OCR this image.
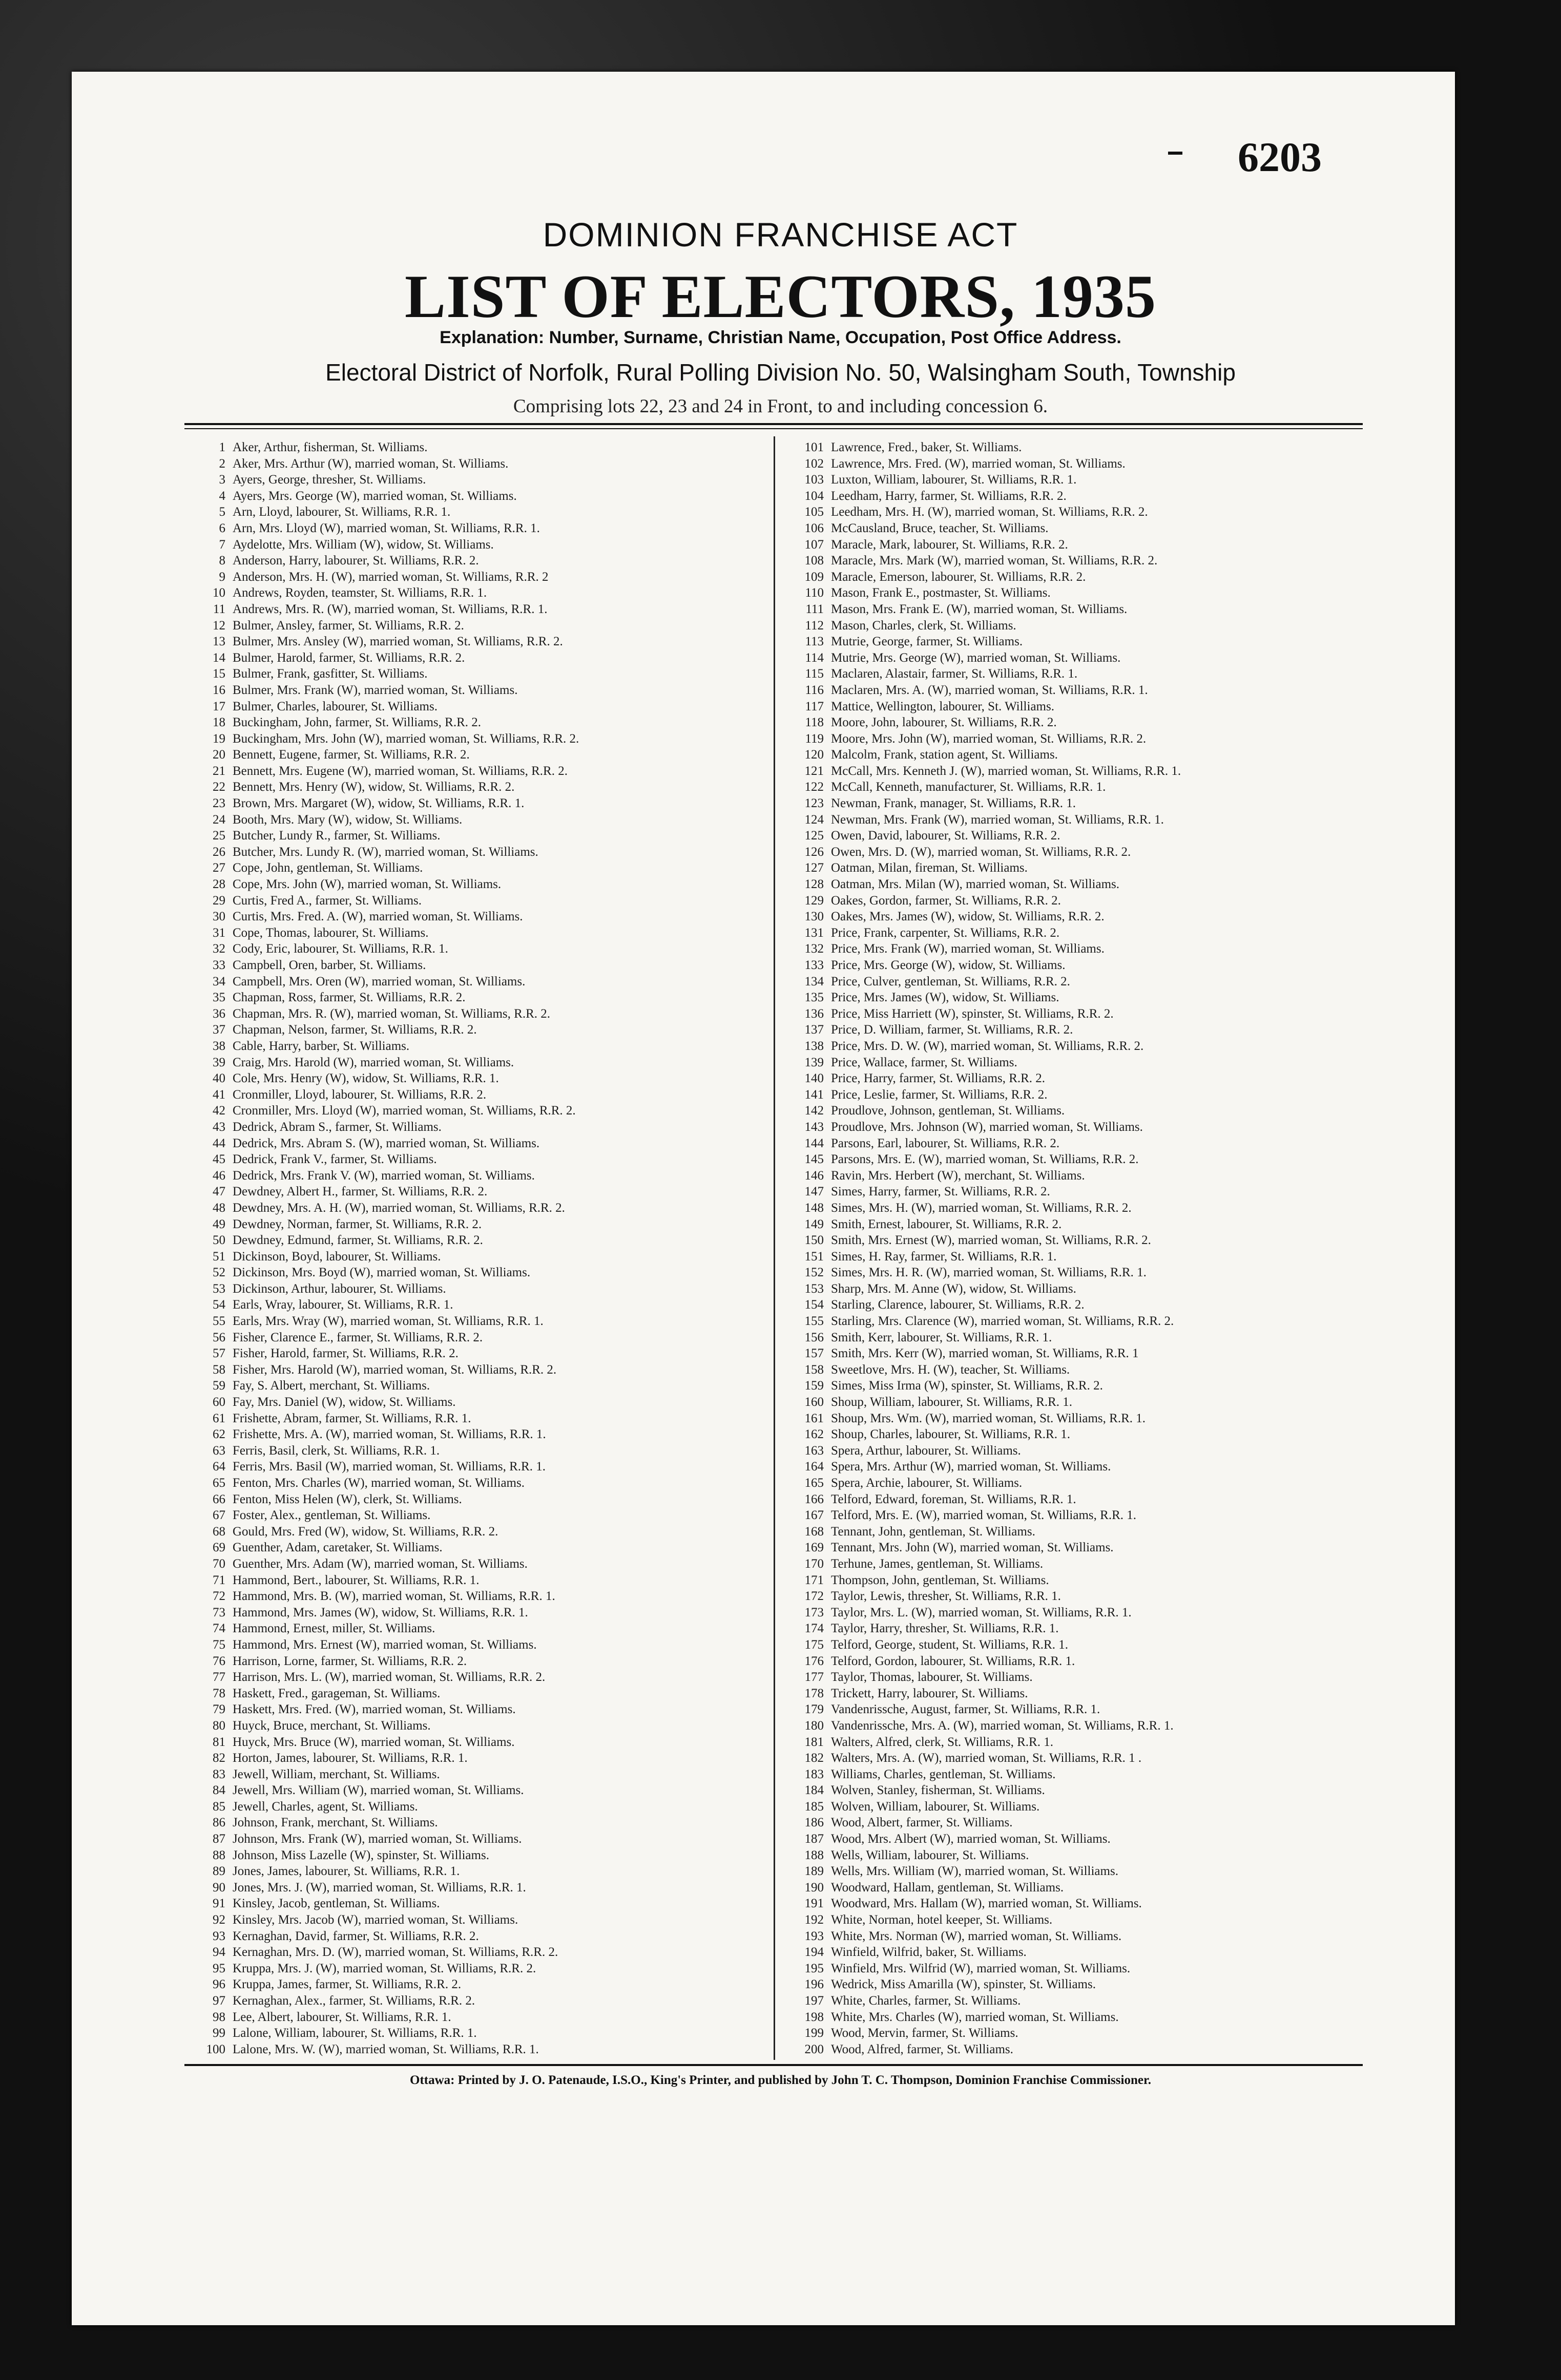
6203
DOMINION FRANCHISE ACT
LIST OF ELECTORS, 1935
Explanation: Number, Surname, Christian Name, Occupation, Post Office Address.
Electoral District of Norfolk, Rural Polling Division No. 50, Walsingham South, Township
Comprising lots 22, 23 and 24 in Front, to and including concession 6.
1 Aker, Arthur, fisherman, St. Williams.
2 Aker, Mrs. Arthur (W), married woman, St. Williams.
3 Ayers, George, thresher, St. Williams.
4 Ayers, Mrs. George (W), married woman, St. Williams.
5 Arn, Lloyd, labourer, St. Williams, R.R. 1.
6 Arn, Mrs. Lloyd (W), married woman, St. Williams, R.R. 1.
7 Aydelotte, Mrs. William (W), widow, St. Williams.
8 Anderson, Harry, labourer, St. Williams, R.R. 2.
9 Anderson, Mrs. H. (W), married woman, St. Williams, R.R. 2
10 Andrews, Royden, teamster, St. Williams, R.R. 1.
11 Andrews, Mrs. R. (W), married woman, St. Williams, R.R. 1.
12 Bulmer, Ansley, farmer, St. Williams, R.R. 2.
13 Bulmer, Mrs. Ansley (W), married woman, St. Williams, R.R. 2.
14 Bulmer, Harold, farmer, St. Williams, R.R. 2.
15 Bulmer, Frank, gasfitter, St. Williams.
16 Bulmer, Mrs. Frank (W), married woman, St. Williams.
17 Bulmer, Charles, labourer, St. Williams.
18 Buckingham, John, farmer, St. Williams, R.R. 2.
19 Buckingham, Mrs. John (W), married woman, St. Williams, R.R. 2.
20 Bennett, Eugene, farmer, St. Williams, R.R. 2.
21 Bennett, Mrs. Eugene (W), married woman, St. Williams, R.R. 2.
22 Bennett, Mrs. Henry (W), widow, St. Williams, R.R. 2.
23 Brown, Mrs. Margaret (W), widow, St. Williams, R.R. 1.
24 Booth, Mrs. Mary (W), widow, St. Williams.
25 Butcher, Lundy R., farmer, St. Williams.
26 Butcher, Mrs. Lundy R. (W), married woman, St. Williams.
27 Cope, John, gentleman, St. Williams.
28 Cope, Mrs. John (W), married woman, St. Williams.
29 Curtis, Fred A., farmer, St. Williams.
30 Curtis, Mrs. Fred. A. (W), married woman, St. Williams.
31 Cope, Thomas, labourer, St. Williams.
32 Cody, Eric, labourer, St. Williams, R.R. 1.
33 Campbell, Oren, barber, St. Williams.
34 Campbell, Mrs. Oren (W), married woman, St. Williams.
35 Chapman, Ross, farmer, St. Williams, R.R. 2.
36 Chapman, Mrs. R. (W), married woman, St. Williams, R.R. 2.
37 Chapman, Nelson, farmer, St. Williams, R.R. 2.
38 Cable, Harry, barber, St. Williams.
39 Craig, Mrs. Harold (W), married woman, St. Williams.
40 Cole, Mrs. Henry (W), widow, St. Williams, R.R. 1.
41 Cronmiller, Lloyd, labourer, St. Williams, R.R. 2.
42 Cronmiller, Mrs. Lloyd (W), married woman, St. Williams, R.R. 2.
43 Dedrick, Abram S., farmer, St. Williams.
44 Dedrick, Mrs. Abram S. (W), married woman, St. Williams.
45 Dedrick, Frank V., farmer, St. Williams.
46 Dedrick, Mrs. Frank V. (W), married woman, St. Williams.
47 Dewdney, Albert H., farmer, St. Williams, R.R. 2.
48 Dewdney, Mrs. A. H. (W), married woman, St. Williams, R.R. 2.
49 Dewdney, Norman, farmer, St. Williams, R.R. 2.
50 Dewdney, Edmund, farmer, St. Williams, R.R. 2.
51 Dickinson, Boyd, labourer, St. Williams.
52 Dickinson, Mrs. Boyd (W), married woman, St. Williams.
53 Dickinson, Arthur, labourer, St. Williams.
54 Earls, Wray, labourer, St. Williams, R.R. 1.
55 Earls, Mrs. Wray (W), married woman, St. Williams, R.R. 1.
56 Fisher, Clarence E., farmer, St. Williams, R.R. 2.
57 Fisher, Harold, farmer, St. Williams, R.R. 2.
58 Fisher, Mrs. Harold (W), married woman, St. Williams, R.R. 2.
59 Fay, S. Albert, merchant, St. Williams.
60 Fay, Mrs. Daniel (W), widow, St. Williams.
61 Frishette, Abram, farmer, St. Williams, R.R. 1.
62 Frishette, Mrs. A. (W), married woman, St. Williams, R.R. 1.
63 Ferris, Basil, clerk, St. Williams, R.R. 1.
64 Ferris, Mrs. Basil (W), married woman, St. Williams, R.R. 1.
65 Fenton, Mrs. Charles (W), married woman, St. Williams.
66 Fenton, Miss Helen (W), clerk, St. Williams.
67 Foster, Alex., gentleman, St. Williams.
68 Gould, Mrs. Fred (W), widow, St. Williams, R.R. 2.
69 Guenther, Adam, caretaker, St. Williams.
70 Guenther, Mrs. Adam (W), married woman, St. Williams.
71 Hammond, Bert., labourer, St. Williams, R.R. 1.
72 Hammond, Mrs. B. (W), married woman, St. Williams, R.R. 1.
73 Hammond, Mrs. James (W), widow, St. Williams, R.R. 1.
74 Hammond, Ernest, miller, St. Williams.
75 Hammond, Mrs. Ernest (W), married woman, St. Williams.
76 Harrison, Lorne, farmer, St. Williams, R.R. 2.
77 Harrison, Mrs. L. (W), married woman, St. Williams, R.R. 2.
78 Haskett, Fred., garageman, St. Williams.
79 Haskett, Mrs. Fred. (W), married woman, St. Williams.
80 Huyck, Bruce, merchant, St. Williams.
81 Huyck, Mrs. Bruce (W), married woman, St. Williams.
82 Horton, James, labourer, St. Williams, R.R. 1.
83 Jewell, William, merchant, St. Williams.
84 Jewell, Mrs. William (W), married woman, St. Williams.
85 Jewell, Charles, agent, St. Williams.
86 Johnson, Frank, merchant, St. Williams.
87 Johnson, Mrs. Frank (W), married woman, St. Williams.
88 Johnson, Miss Lazelle (W), spinster, St. Williams.
89 Jones, James, labourer, St. Williams, R.R. 1.
90 Jones, Mrs. J. (W), married woman, St. Williams, R.R. 1.
91 Kinsley, Jacob, gentleman, St. Williams.
92 Kinsley, Mrs. Jacob (W), married woman, St. Williams.
93 Kernaghan, David, farmer, St. Williams, R.R. 2.
94 Kernaghan, Mrs. D. (W), married woman, St. Williams, R.R. 2.
95 Kruppa, Mrs. J. (W), married woman, St. Williams, R.R. 2.
96 Kruppa, James, farmer, St. Williams, R.R. 2.
97 Kernaghan, Alex., farmer, St. Williams, R.R. 2.
98 Lee, Albert, labourer, St. Williams, R.R. 1.
99 Lalone, William, labourer, St. Williams, R.R. 1.
100 Lalone, Mrs. W. (W), married woman, St. Williams, R.R. 1.
101 Lawrence, Fred., baker, St. Williams.
102 Lawrence, Mrs. Fred. (W), married woman, St. Williams.
103 Luxton, William, labourer, St. Williams, R.R. 1.
104 Leedham, Harry, farmer, St. Williams, R.R. 2.
105 Leedham, Mrs. H. (W), married woman, St. Williams, R.R. 2.
106 McCausland, Bruce, teacher, St. Williams.
107 Maracle, Mark, labourer, St. Williams, R.R. 2.
108 Maracle, Mrs. Mark (W), married woman, St. Williams, R.R. 2.
109 Maracle, Emerson, labourer, St. Williams, R.R. 2.
110 Mason, Frank E., postmaster, St. Williams.
111 Mason, Mrs. Frank E. (W), married woman, St. Williams.
112 Mason, Charles, clerk, St. Williams.
113 Mutrie, George, farmer, St. Williams.
114 Mutrie, Mrs. George (W), married woman, St. Williams.
115 Maclaren, Alastair, farmer, St. Williams, R.R. 1.
116 Maclaren, Mrs. A. (W), married woman, St. Williams, R.R. 1.
117 Mattice, Wellington, labourer, St. Williams.
118 Moore, John, labourer, St. Williams, R.R. 2.
119 Moore, Mrs. John (W), married woman, St. Williams, R.R. 2.
120 Malcolm, Frank, station agent, St. Williams.
121 McCall, Mrs. Kenneth J. (W), married woman, St. Williams, R.R. 1.
122 McCall, Kenneth, manufacturer, St. Williams, R.R. 1.
123 Newman, Frank, manager, St. Williams, R.R. 1.
124 Newman, Mrs. Frank (W), married woman, St. Williams, R.R. 1.
125 Owen, David, labourer, St. Williams, R.R. 2.
126 Owen, Mrs. D. (W), married woman, St. Williams, R.R. 2.
127 Oatman, Milan, fireman, St. Williams.
128 Oatman, Mrs. Milan (W), married woman, St. Williams.
129 Oakes, Gordon, farmer, St. Williams, R.R. 2.
130 Oakes, Mrs. James (W), widow, St. Williams, R.R. 2.
131 Price, Frank, carpenter, St. Williams, R.R. 2.
132 Price, Mrs. Frank (W), married woman, St. Williams.
133 Price, Mrs. George (W), widow, St. Williams.
134 Price, Culver, gentleman, St. Williams, R.R. 2.
135 Price, Mrs. James (W), widow, St. Williams.
136 Price, Miss Harriett (W), spinster, St. Williams, R.R. 2.
137 Price, D. William, farmer, St. Williams, R.R. 2.
138 Price, Mrs. D. W. (W), married woman, St. Williams, R.R. 2.
139 Price, Wallace, farmer, St. Williams.
140 Price, Harry, farmer, St. Williams, R.R. 2.
141 Price, Leslie, farmer, St. Williams, R.R. 2.
142 Proudlove, Johnson, gentleman, St. Williams.
143 Proudlove, Mrs. Johnson (W), married woman, St. Williams.
144 Parsons, Earl, labourer, St. Williams, R.R. 2.
145 Parsons, Mrs. E. (W), married woman, St. Williams, R.R. 2.
146 Ravin, Mrs. Herbert (W), merchant, St. Williams.
147 Simes, Harry, farmer, St. Williams, R.R. 2.
148 Simes, Mrs. H. (W), married woman, St. Williams, R.R. 2.
149 Smith, Ernest, labourer, St. Williams, R.R. 2.
150 Smith, Mrs. Ernest (W), married woman, St. Williams, R.R. 2.
151 Simes, H. Ray, farmer, St. Williams, R.R. 1.
152 Simes, Mrs. H. R. (W), married woman, St. Williams, R.R. 1.
153 Sharp, Mrs. M. Anne (W), widow, St. Williams.
154 Starling, Clarence, labourer, St. Williams, R.R. 2.
155 Starling, Mrs. Clarence (W), married woman, St. Williams, R.R. 2.
156 Smith, Kerr, labourer, St. Williams, R.R. 1.
157 Smith, Mrs. Kerr (W), married woman, St. Williams, R.R. 1
158 Sweetlove, Mrs. H. (W), teacher, St. Williams.
159 Simes, Miss Irma (W), spinster, St. Williams, R.R. 2.
160 Shoup, William, labourer, St. Williams, R.R. 1.
161 Shoup, Mrs. Wm. (W), married woman, St. Williams, R.R. 1.
162 Shoup, Charles, labourer, St. Williams, R.R. 1.
163 Spera, Arthur, labourer, St. Williams.
164 Spera, Mrs. Arthur (W), married woman, St. Williams.
165 Spera, Archie, labourer, St. Williams.
166 Telford, Edward, foreman, St. Williams, R.R. 1.
167 Telford, Mrs. E. (W), married woman, St. Williams, R.R. 1.
168 Tennant, John, gentleman, St. Williams.
169 Tennant, Mrs. John (W), married woman, St. Williams.
170 Terhune, James, gentleman, St. Williams.
171 Thompson, John, gentleman, St. Williams.
172 Taylor, Lewis, thresher, St. Williams, R.R. 1.
173 Taylor, Mrs. L. (W), married woman, St. Williams, R.R. 1.
174 Taylor, Harry, thresher, St. Williams, R.R. 1.
175 Telford, George, student, St. Williams, R.R. 1.
176 Telford, Gordon, labourer, St. Williams, R.R. 1.
177 Taylor, Thomas, labourer, St. Williams.
178 Trickett, Harry, labourer, St. Williams.
179 Vandenrissche, August, farmer, St. Williams, R.R. 1.
180 Vandenrissche, Mrs. A. (W), married woman, St. Williams, R.R. 1.
181 Walters, Alfred, clerk, St. Williams, R.R. 1.
182 Walters, Mrs. A. (W), married woman, St. Williams, R.R. 1 .
183 Williams, Charles, gentleman, St. Williams.
184 Wolven, Stanley, fisherman, St. Williams.
185 Wolven, William, labourer, St. Williams.
186 Wood, Albert, farmer, St. Williams.
187 Wood, Mrs. Albert (W), married woman, St. Williams.
188 Wells, William, labourer, St. Williams.
189 Wells, Mrs. William (W), married woman, St. Williams.
190 Woodward, Hallam, gentleman, St. Williams.
191 Woodward, Mrs. Hallam (W), married woman, St. Williams.
192 White, Norman, hotel keeper, St. Williams.
193 White, Mrs. Norman (W), married woman, St. Williams.
194 Winfield, Wilfrid, baker, St. Williams.
195 Winfield, Mrs. Wilfrid (W), married woman, St. Williams.
196 Wedrick, Miss Amarilla (W), spinster, St. Williams.
197 White, Charles, farmer, St. Williams.
198 White, Mrs. Charles (W), married woman, St. Williams.
199 Wood, Mervin, farmer, St. Williams.
200 Wood, Alfred, farmer, St. Williams.
Ottawa: Printed by J. O. Patenaude, I.S.O., King's Printer, and published by John T. C. Thompson, Dominion Franchise Commissioner.
